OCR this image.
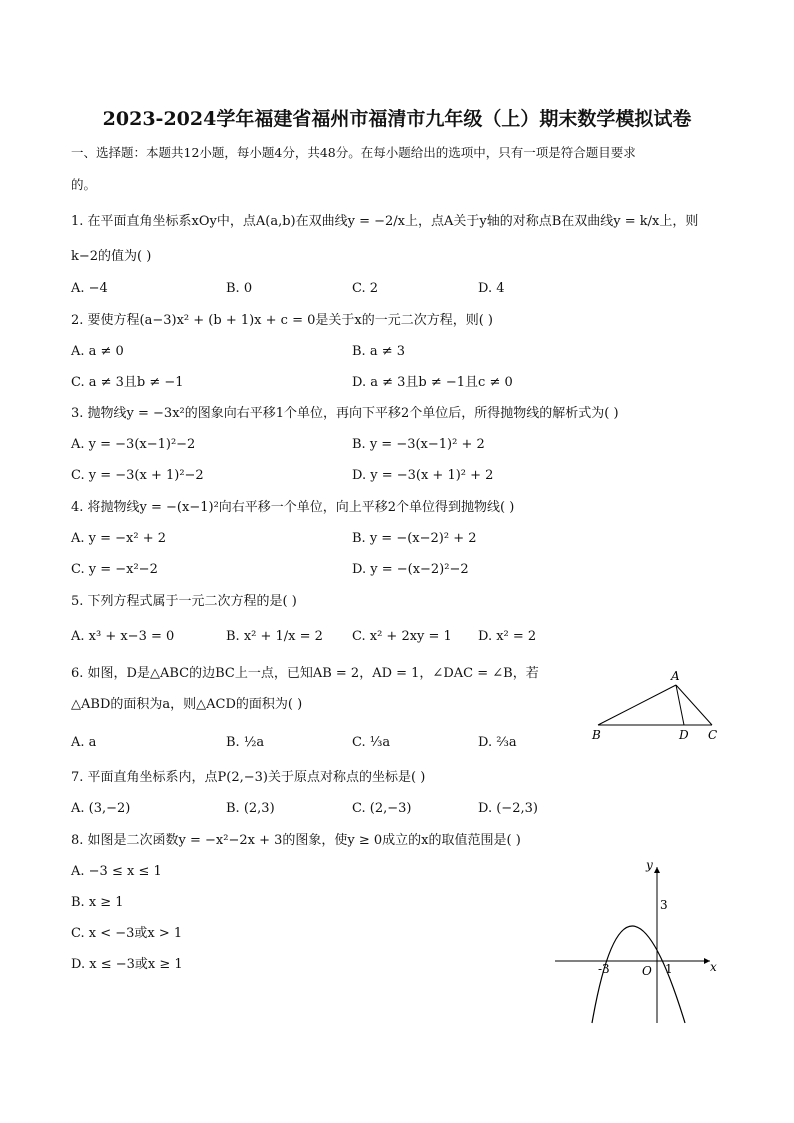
2023-2024学年福建省福州市福清市九年级（上）期末数学模拟试卷
一、选择题：本题共12小题，每小题4分，共48分。在每小题给出的选项中，只有一项是符合题目要求
的。
1. 在平面直角坐标系xOy中，点A(a,b)在双曲线y = −2/x上，点A关于y轴的对称点B在双曲线y = k/x上，则
k−2的值为( )
A. −4	B. 0	C. 2	D. 4
2. 要使方程(a−3)x² + (b + 1)x + c = 0是关于x的一元二次方程，则( )
A. a ≠ 0	B. a ≠ 3
C. a ≠ 3且b ≠ −1	D. a ≠ 3且b ≠ −1且c ≠ 0
3. 抛物线y = −3x²的图象向右平移1个单位，再向下平移2个单位后，所得抛物线的解析式为( )
A. y = −3(x−1)²−2	B. y = −3(x−1)² + 2
C. y = −3(x + 1)²−2	D. y = −3(x + 1)² + 2
4. 将抛物线y = −(x−1)²向右平移一个单位，向上平移2个单位得到抛物线( )
A. y = −x² + 2	B. y = −(x−2)² + 2
C. y = −x²−2	D. y = −(x−2)²−2
5. 下列方程式属于一元二次方程的是( )
A. x³ + x−3 = 0	B. x² + 1/x = 2 C. x² + 2xy = 1 D. x² = 2
6. 如图，D是△ABC的边BC上一点，已知AB = 2，AD = 1，∠DAC = ∠B，若
△ABD的面积为a，则△ACD的面积为( )
A. a	B. ½a	C. ⅓a	D. ⅔a
A
B	D C
7. 平面直角坐标系内，点P(2,−3)关于原点对称点的坐标是( )
A. (3,−2)	B. (2,3)	C. (2,−3)	D. (−2,3)
8. 如图是二次函数y = −x²−2x + 3的图象，使y ≥ 0成立的x的取值范围是( )
A. −3 ≤ x ≤ 1
B. x ≥ 1
C. x < −3或x > 1
D. x ≤ −3或x ≥ 1
y
x
3
-3	O 1
